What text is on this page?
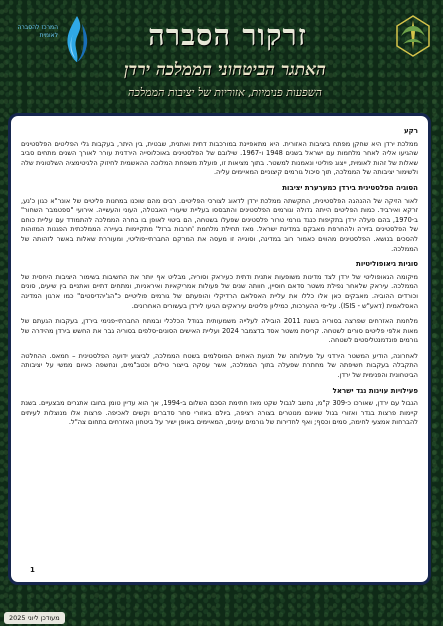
המרכז להסברה לאומית	זרקור הסברה
האתגר הביטחוני הממלכה ירדן
השפעות פנימיות, אזוריות של יציבות הממלכה
רקע

ממלכת ירדן היא שחקן מפתח ביציבות האזורית. היא מתאפיינת במורכבות דתית ואתנית, שבטית, בין היתר, בעקבות גלי הפליטים הפלסטינים שהגיעו אליה לאחר מלחמות עם ישראל בשנים 1948 ו-1967. שילובם של הפלסטינים באוכלוסייה הירדנית עורר לאורך השנים מתחים סביב שאלות של זהות לאומית, ייצוג פוליטי ונאמנות למשטר. בתוך מציאות זו, פועלת משפחת המלוכה ההאשמית לחיזוק הלגיטימציה השלטונית שלה ולשימור יציבותה של הממלכה, תוך סיכול גורמים קיצוניים המאיימים עליה.

הסוגיה הפלסטינית בירדן כמערערת יציבות

לאור הזיקה של ההנהגה הפלסטינית, התקשתה ממלכת ירדן לדאוג לצורכי הפליטים. רבים מהם שוכנו במחנות פליטים של אונר"א כגון כ'נע, זרקא ואירביד. כמות הפליטים הייתה גדולה וגורמים הפלסטינים והתבססו בעליית שיעורי האבטלה, העוני והעשייה. אירועי "ספטמבר השחור" ב-1970, בהם פעלה ירדן בתקיפות כנגד גורמי טרור פלסטינים שפעלו בשטחה, הם ביטוי לאופן בו בחרה הממלכה להתמודד עם עליית כוחם של הפלסטינים בזירה ולהחרפת מאבקם במדינת ישראל. מאז תחילת מלחמת 'חרבות ברזל' מתקיימות בעיירה הממלכתית הפגנות המזוהות להסכים בנושא. הפלסטינים מהווים כאמור רוב במדינה, וסוגייה זו מעסה את המרקם החברתי-פוליטי, ומעוררת שאלות באשר לזהותה של הממלכה.

סוגיות גיאופוליטיות

מיקומה הגאופוליטי של ירדן לצד מדינות משופעות אתנית ודתית כעיראק וסוריה, מבליט אף יותר את החשיבות בשימור היציבות היחסית של הממלכה. עיראק שלאחר נפילת משטר סדאם חוסיין, חוותה שנים של פעולות אמריקאיות ואיראניות, ומתחים דתיים ואתניים בין שיעים, סונים וכורדים ההוביה. מאבקים כאן אלו כללו את עליית האסלאם הרדיקלי והופעתם של גורמים פוליטיים כ"הג'יהדיסטים" כמו ארגון המדינה האסלאמית (דאע"ש - ISIS). על-פי ההערכות, כמיליון פליטים עיראקים הגיעו לירדן בעשורים האחרונים.

מלחמת האזרחים שפרצה בסוריה בשנת 2011 הובילה לעלייה משמעותית בגודל הכלכלי ובמתח החברתי-פנימי בירדן, בעקבות הגעתם של מאות אלפי פליטים סורים לשטחה. קריסת משטר אסד בדצמבר 2024 ועליית האישים הסונים-סלפים בסוריה גבר את החשש בירדן מהידרה של גורמים פונדמנטליסטים לשטחה.

לאחרונה, הודיע המשטר הירדני על פעילותה של תנועת האחים המוסלמים בשטח הממלכה, לביצוע ידועה הפלסטינית – חמאס. ההחלטה התקבלה בעקבות חשיפתה של מחתרת שפעלה בתוך הממלכה, אשר עסקה בייצור טילים וכטב"מים, ונחשפה כאיום ממשי על יציבותה הביטחונית והפנימית של ירדן.

פעילויות עוינות נגד ישראל

הגבול עם ירדן, שאורכו כ-309 ק"מ, נחשב לגבול שקט מאז חתימת הסכם השלום ב-1994, אך הוא עדיין טומן בחובו אתגרים מבצעיים. בשנת קיימות פרצות בגדר ואזורי בגול שאינם מנוטרים בצורה רציפה, ביולם באזורי סחר סדברים וקשים לאכיפה. פרצות אלו מנוצלות לעיתים להברחות אמצעי לחימה, סמים וכסף; ואף לחדירות של גורמים עוינים, המאיימים באופן ישיר על ביטחון האזרחים בתחום צה"ל.

1
מעודכן ליוני 2025
